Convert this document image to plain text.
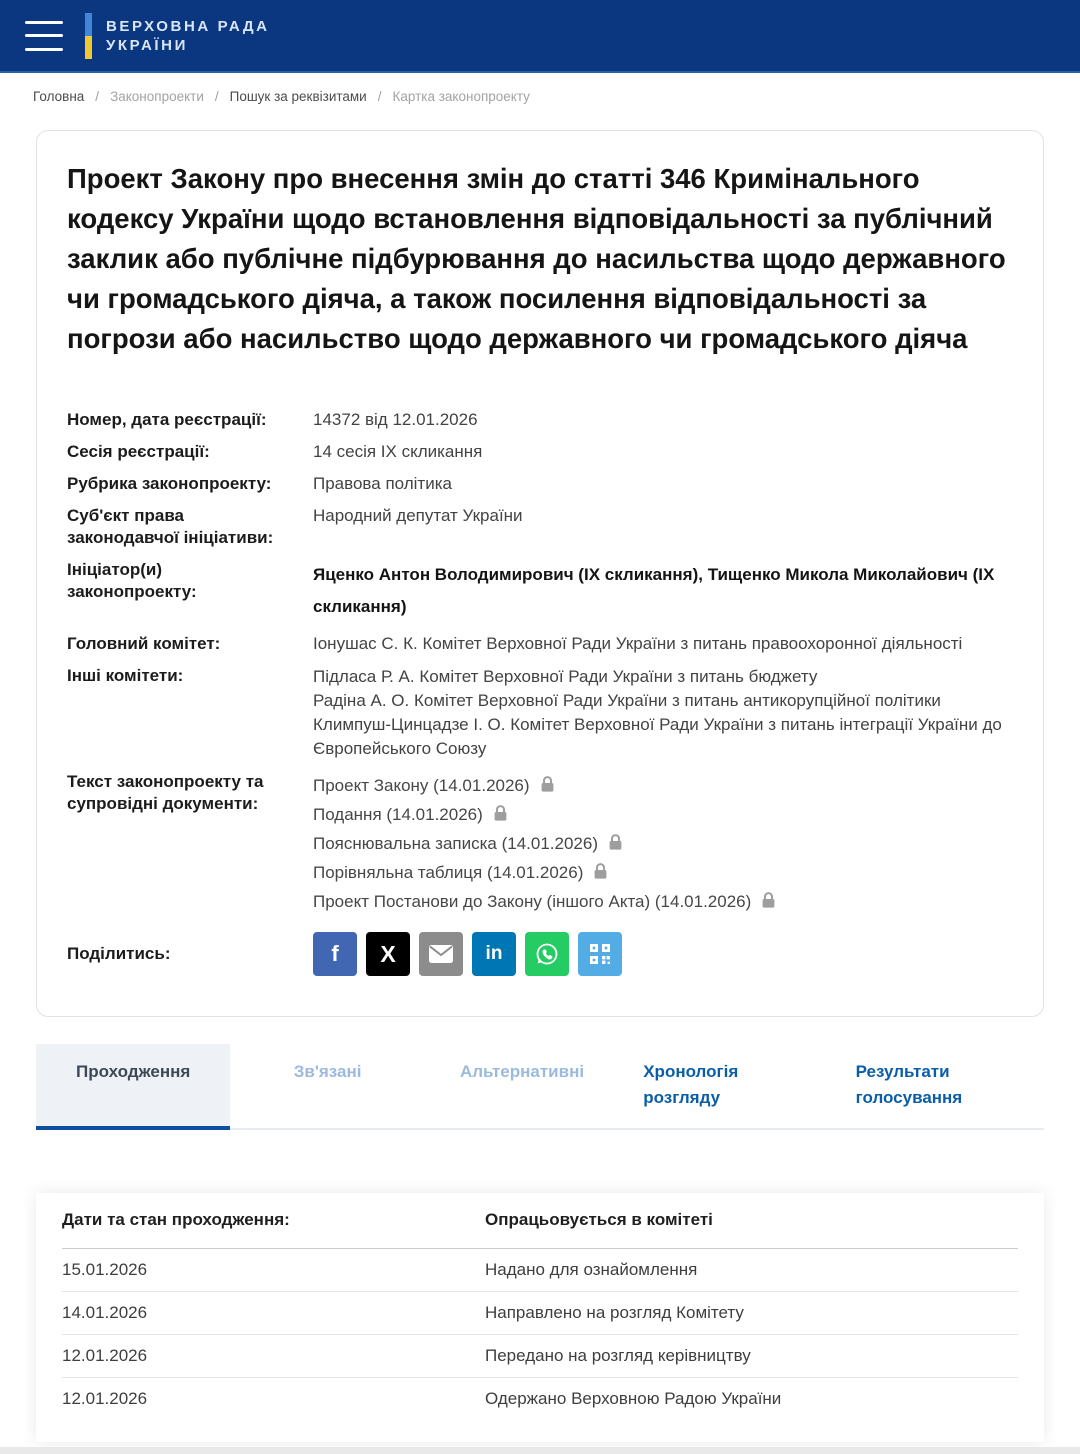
ВЕРХОВНА РАДА
УКРАЇНИ
Головна / Законопроекти / Пошук за реквізитами / Картка законопроекту
Проект Закону про внесення змін до статті 346 Кримінального кодексу України щодо встановлення відповідальності за публічний заклик або публічне підбурювання до насильства щодо державного чи громадського діяча, а також посилення відповідальності за погрози або насильство щодо державного чи громадського діяча
Номер, дата реєстрації:	14372 від 12.01.2026
Сесія реєстрації:	14 сесія IX скликання
Рубрика законопроекту:	Правова політика
Суб'єкт права законодавчої ініціативи:
Народний депутат України
Ініціатор(и) законопроекту:
Яценко Антон Володимирович (IX скликання), Тищенко Микола Миколайович (IX скликання)
Головний комітет:	Іонушас С. К. Комітет Верховної Ради України з питань правоохоронної діяльності
Інші комітети:	Підласа Р. А. Комітет Верховної Ради України з питань бюджету
Радіна А. О. Комітет Верховної Ради України з питань антикорупційної політики
Климпуш-Цинцадзе І. О. Комітет Верховної Ради України з питань інтеграції України до Європейського Союзу
Текст законопроекту та супровідні документи:
Проект Закону (14.01.2026)
Подання (14.01.2026)
Пояснювальна записка (14.01.2026)
Порівняльна таблиця (14.01.2026)
Проект Постанови до Закону (іншого Акта) (14.01.2026)
Поділитись:	f X	in
Проходження	Зв'язані	Альтернативні	Хронологія розгляду
Результати голосування
Дати та стан проходження:	Опрацьовується в комітеті
15.01.2026	Надано для ознайомлення
14.01.2026	Направлено на розгляд Комітету
12.01.2026	Передано на розгляд керівництву
12.01.2026	Одержано Верховною Радою України
